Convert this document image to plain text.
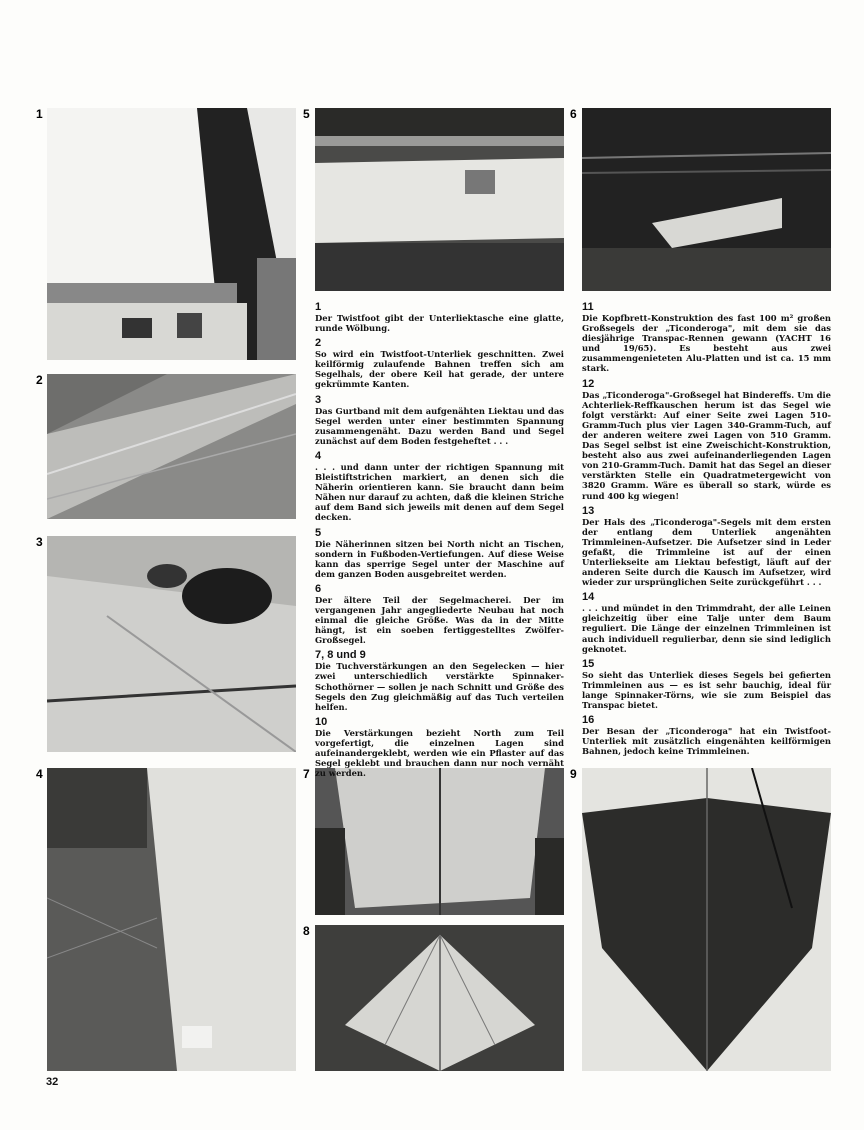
1
2
3
4
5	6
7
8
9
1

Der Twistfoot gibt der Unterliektasche eine glatte, runde Wölbung.

2

So wird ein Twistfoot-Unterliek geschnitten. Zwei keilförmig zulaufende Bahnen treffen sich am Segelhals, der obere Keil hat gerade, der untere gekrümmte Kanten.

3

Das Gurtband mit dem aufgenähten Liektau und das Segel werden unter einer bestimmten Spannung zusammengenäht. Dazu werden Band und Segel zunächst auf dem Boden festgeheftet . . .

4

. . . und dann unter der richtigen Spannung mit Bleistiftstrichen markiert, an denen sich die Näherin orientieren kann. Sie braucht dann beim Nähen nur darauf zu achten, daß die kleinen Striche auf dem Band sich jeweils mit denen auf dem Segel decken.

5

Die Näherinnen sitzen bei North nicht an Tischen, sondern in Fußboden-Vertiefungen. Auf diese Weise kann das sperrige Segel unter der Maschine auf dem ganzen Boden ausgebreitet werden.

6

Der ältere Teil der Segelmacherei. Der im vergangenen Jahr angegliederte Neubau hat noch einmal die gleiche Größe. Was da in der Mitte hängt, ist ein soeben fertiggestelltes Zwölfer-Großsegel.

7, 8 und 9

Die Tuchverstärkungen an den Segelecken — hier zwei unterschiedlich verstärkte Spinnaker-Schothörner — sollen je nach Schnitt und Größe des Segels den Zug gleichmäßig auf das Tuch verteilen helfen.

10

Die Verstärkungen bezieht North zum Teil vorgefertigt, die einzelnen Lagen sind aufeinandergeklebt, werden wie ein Pflaster auf das Segel geklebt und brauchen dann nur noch vernäht zu werden.

11

Die Kopfbrett-Konstruktion des fast 100 m² großen Großsegels der „Ticonderoga", mit dem sie das diesjährige Transpac-Rennen gewann (YACHT 16 und 19/65). Es besteht aus zwei zusammengenieteten Alu-Platten und ist ca. 15 mm stark.

12

Das „Ticonderoga"-Großsegel hat Bindereffs. Um die Achterliek-Reffkauschen herum ist das Segel wie folgt verstärkt: Auf einer Seite zwei Lagen 510-Gramm-Tuch plus vier Lagen 340-Gramm-Tuch, auf der anderen weitere zwei Lagen von 510 Gramm. Das Segel selbst ist eine Zweischicht-Konstruktion, besteht also aus zwei aufeinanderliegenden Lagen von 210-Gramm-Tuch. Damit hat das Segel an dieser verstärkten Stelle ein Quadratmetergewicht von 3820 Gramm. Wäre es überall so stark, würde es rund 400 kg wiegen!

13

Der Hals des „Ticonderoga"-Segels mit dem ersten der entlang dem Unterliek angenähten Trimmleinen-Aufsetzer. Die Aufsetzer sind in Leder gefaßt, die Trimmleine ist auf der einen Unterliekseite am Liektau befestigt, läuft auf der anderen Seite durch die Kausch im Aufsetzer, wird wieder zur ursprünglichen Seite zurückgeführt . . .

14

. . . und mündet in den Trimmdraht, der alle Leinen gleichzeitig über eine Talje unter dem Baum reguliert. Die Länge der einzelnen Trimmleinen ist auch individuell regulierbar, denn sie sind lediglich geknotet.

15

So sieht das Unterliek dieses Segels bei gefierten Trimmleinen aus — es ist sehr bauchig, ideal für lange Spinnaker-Törns, wie sie zum Beispiel das Transpac bietet.

16

Der Besan der „Ticonderoga" hat ein Twistfoot-Unterliek mit zusätzlich eingenähten keilförmigen Bahnen, jedoch keine Trimmleinen.

32
